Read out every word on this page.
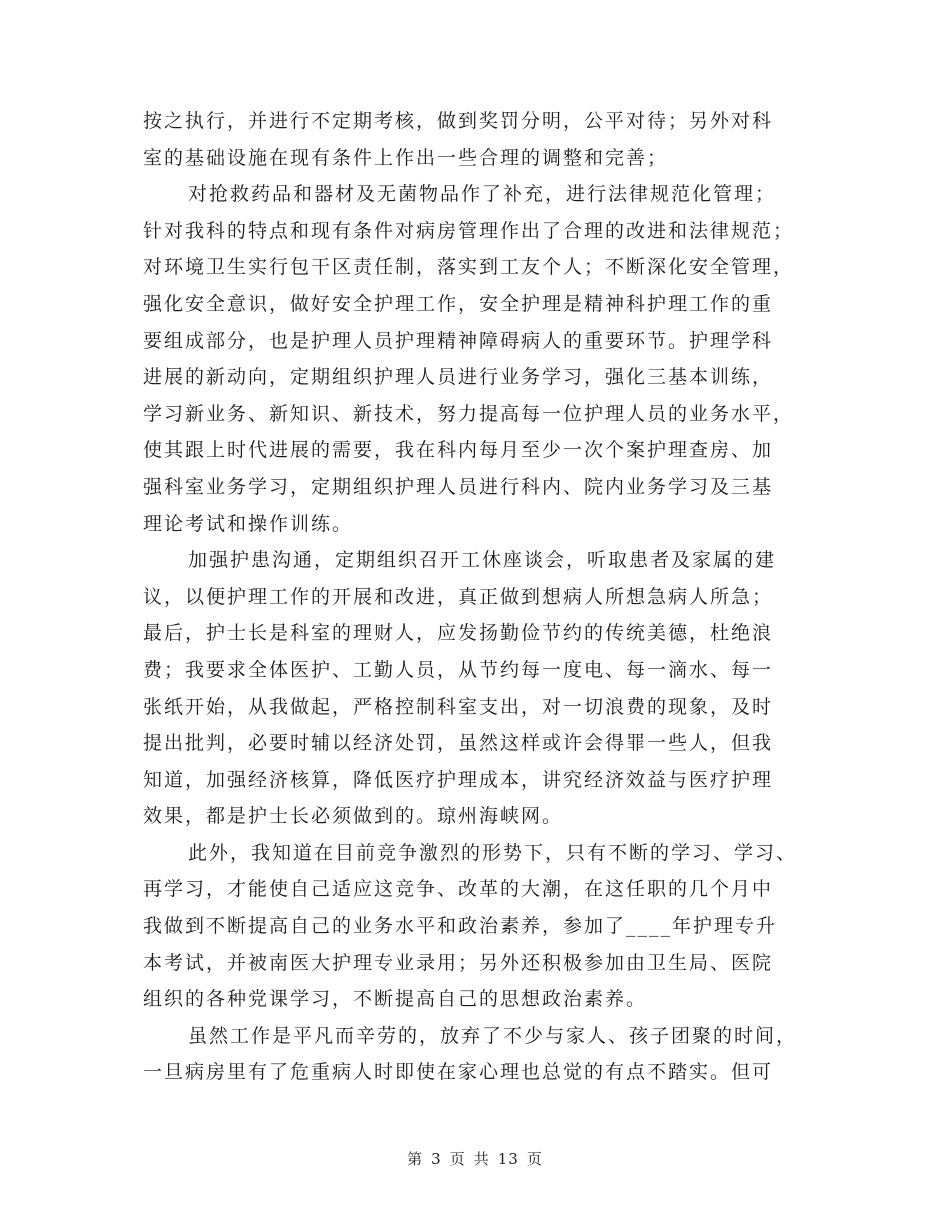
按之执行，并进行不定期考核，做到奖罚分明，公平对待；另外对科
室的基础设施在现有条件上作出一些合理的调整和完善；
对抢救药品和器材及无菌物品作了补充，进行法律规范化管理；
针对我科的特点和现有条件对病房管理作出了合理的改进和法律规范；
对环境卫生实行包干区责任制，落实到工友个人；不断深化安全管理，
强化安全意识，做好安全护理工作，安全护理是精神科护理工作的重
要组成部分，也是护理人员护理精神障碍病人的重要环节。护理学科
进展的新动向，定期组织护理人员进行业务学习，强化三基本训练，
学习新业务、新知识、新技术，努力提高每一位护理人员的业务水平，
使其跟上时代进展的需要，我在科内每月至少一次个案护理查房、加
强科室业务学习，定期组织护理人员进行科内、院内业务学习及三基
理论考试和操作训练。
加强护患沟通，定期组织召开工休座谈会，听取患者及家属的建
议，以便护理工作的开展和改进，真正做到想病人所想急病人所急；
最后，护士长是科室的理财人，应发扬勤俭节约的传统美德，杜绝浪
费；我要求全体医护、工勤人员，从节约每一度电、每一滴水、每一
张纸开始，从我做起，严格控制科室支出，对一切浪费的现象，及时
提出批判，必要时辅以经济处罚，虽然这样或许会得罪一些人，但我
知道，加强经济核算，降低医疗护理成本，讲究经济效益与医疗护理
效果，都是护士长必须做到的。琼州海峡网。
此外，我知道在目前竞争激烈的形势下，只有不断的学习、学习、
再学习，才能使自己适应这竞争、改革的大潮，在这任职的几个月中
我做到不断提高自己的业务水平和政治素养，参加了____年护理专升
本考试，并被南医大护理专业录用；另外还积极参加由卫生局、医院
组织的各种党课学习，不断提高自己的思想政治素养。
虽然工作是平凡而辛劳的，放弃了不少与家人、孩子团聚的时间，
一旦病房里有了危重病人时即使在家心理也总觉的有点不踏实。但可
第 3 页 共 13 页
